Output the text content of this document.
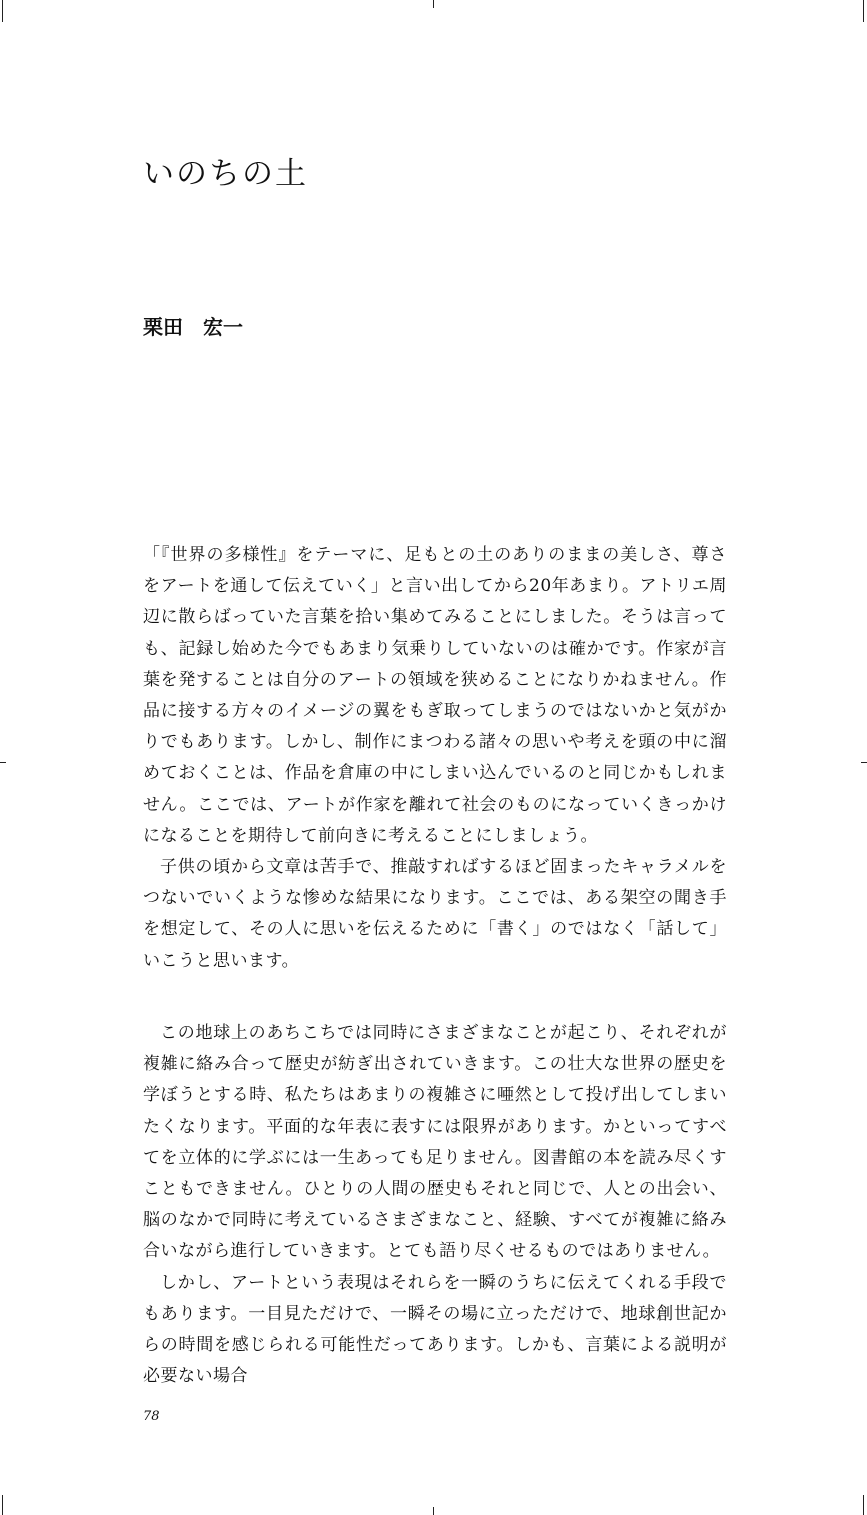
いのちの土

栗田　宏一

「『世界の多様性』をテーマに、足もとの土のありのままの美しさ、尊さをアートを通して伝えていく」と言い出してから20年あまり。アトリエ周辺に散らばっていた言葉を拾い集めてみることにしました。そうは言っても、記録し始めた今でもあまり気乗りしていないのは確かです。作家が言葉を発することは自分のアートの領域を狭めることになりかねません。作品に接する方々のイメージの翼をもぎ取ってしまうのではないかと気がかりでもあります。しかし、制作にまつわる諸々の思いや考えを頭の中に溜めておくことは、作品を倉庫の中にしまい込んでいるのと同じかもしれません。ここでは、アートが作家を離れて社会のものになっていくきっかけになることを期待して前向きに考えることにしましょう。

子供の頃から文章は苦手で、推敲すればするほど固まったキャラメルをつないでいくような惨めな結果になります。ここでは、ある架空の聞き手を想定して、その人に思いを伝えるために「書く」のではなく「話して」いこうと思います。

この地球上のあちこちでは同時にさまざまなことが起こり、それぞれが複雑に絡み合って歴史が紡ぎ出されていきます。この壮大な世界の歴史を学ぼうとする時、私たちはあまりの複雑さに唖然として投げ出してしまいたくなります。平面的な年表に表すには限界があります。かといってすべてを立体的に学ぶには一生あっても足りません。図書館の本を読み尽くすこともできません。ひとりの人間の歴史もそれと同じで、人との出会い、脳のなかで同時に考えているさまざまなこと、経験、すべてが複雑に絡み合いながら進行していきます。とても語り尽くせるものではありません。

しかし、アートという表現はそれらを一瞬のうちに伝えてくれる手段でもあります。一目見ただけで、一瞬その場に立っただけで、地球創世記からの時間を感じられる可能性だってあります。しかも、言葉による説明が必要ない場合

78
